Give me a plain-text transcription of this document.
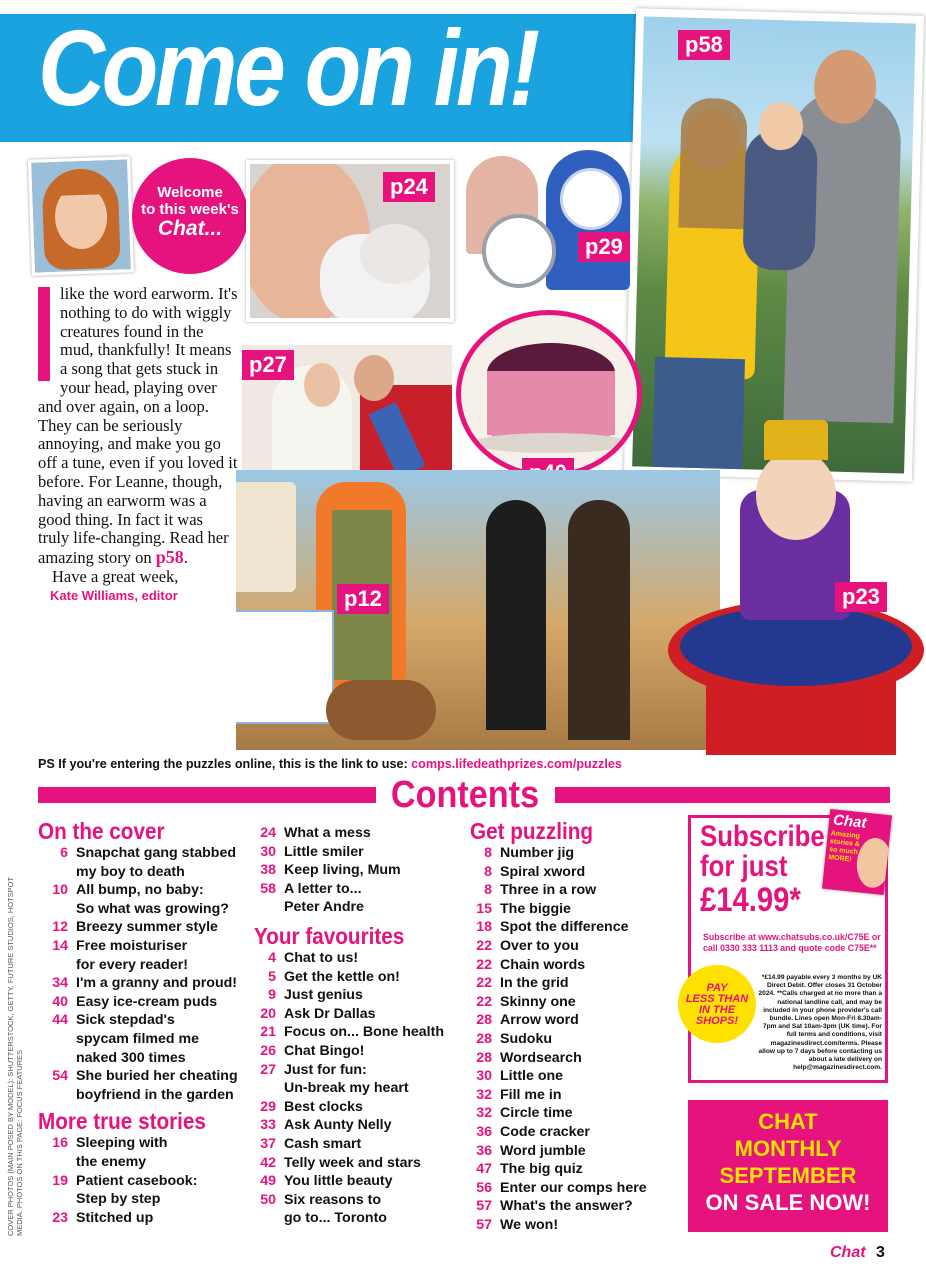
Come on in!	p58
Welcome
to this week's
Chat...
p24
p29
p27
p12	p23
like the word earworm. It's nothing to do with wiggly creatures found in the mud, thankfully! It means a song that gets stuck in your head, playing over and over again, on a loop. They can be seriously annoying, and make you go off a tune, even if you loved it before. For Leanne, though, having an earworm was a good thing. In fact it was truly life-changing. Read her amazing story on p58.
Have a great week,
Kate Williams, editor
PS If you're entering the puzzles online, this is the link to use: comps.lifedeathprizes.com/puzzles
Contents
COVER PHOTOS (MAIN POSED BY MODEL): SHUTTERSTOCK, GETTY, FUTURE STUDIOS, HOTSPOT MEDIA. PHOTOS ON THIS PAGE: FOCUS FEATURES
On the cover
6 Snapchat gang stabbed
my boy to death
10 All bump, no baby:
So what was growing?
12 Breezy summer style
14 Free moisturiser
for every reader!
34 I'm a granny and proud!
40 Easy ice-cream puds
44 Sick stepdad's
spycam filmed me
naked 300 times
54 She buried her cheating
boyfriend in the garden
More true stories
16 Sleeping with
the enemy
19 Patient casebook:
Step by step
23 Stitched up
24 What a mess
30 Little smiler
38 Keep living, Mum
58 A letter to...
Peter Andre
Your favourites
4 Chat to us!
5 Get the kettle on!
9 Just genius
20 Ask Dr Dallas
21 Focus on... Bone health
26 Chat Bingo!
27 Just for fun:
Un-break my heart
29 Best clocks
33 Ask Aunty Nelly
37 Cash smart
42 Telly week and stars
49 You little beauty
50 Six reasons to
go to... Toronto
Get puzzling
8 Number jig
8 Spiral xword
8 Three in a row
15 The biggie
18 Spot the difference
22 Over to you
22 Chain words
22 In the grid
22 Skinny one
28 Arrow word
28 Sudoku
28 Wordsearch
30 Little one
32 Fill me in
32 Circle time
36 Code cracker
36 Word jumble
47 The big quiz
56 Enter our comps here
57 What's the answer?
57 We won!
Subscribe
for just
£14.99*
Chat
Amazing stories & so much MORE!
Subscribe at www.chatsubs.co.uk/C75E or call 0330 333 1113 and quote code C75E**
*£14.99 payable every 3 months by UK Direct Debit. Offer closes 31 October 2024. **Calls charged at no more than a national landline call, and may be included in your phone provider's call bundle. Lines open Mon-Fri 8.30am-7pm and Sat 10am-3pm (UK time). For full terms and conditions, visit magazinesdirect.com/terms. Please allow up to 7 days before contacting us about a late delivery on help@magazinesdirect.com.
PAY
LESS THAN
IN THE
SHOPS!
CHAT
MONTHLY
SEPTEMBER
ON SALE NOW!
Chat 3
